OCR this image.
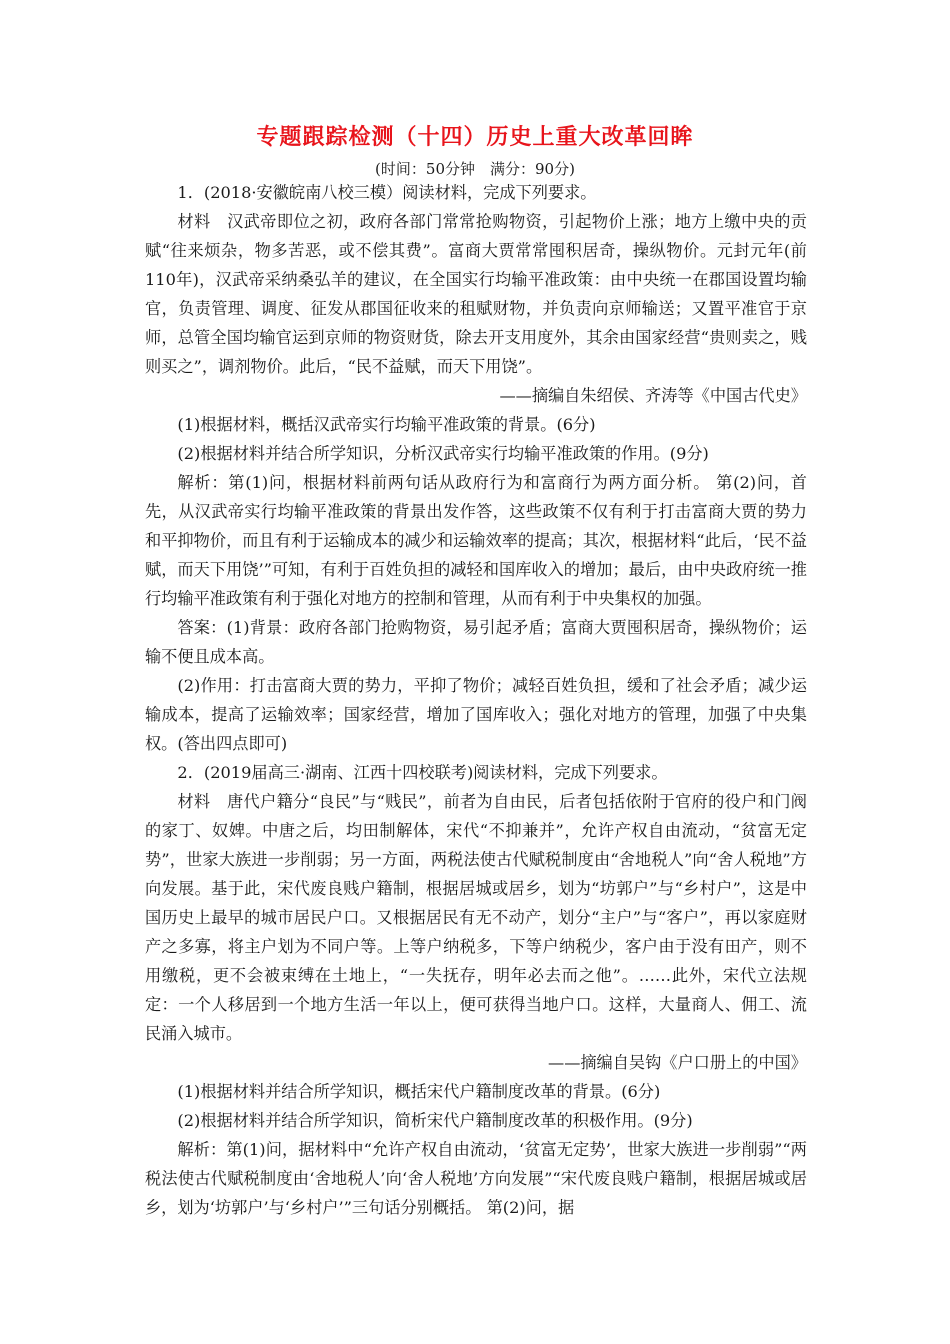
专题跟踪检测（十四）历史上重大改革回眸
(时间：50分钟　满分：90分)

1．(2018·安徽皖南八校三模）阅读材料，完成下列要求。

材料　汉武帝即位之初，政府各部门常常抢购物资，引起物价上涨；地方上缴中央的贡赋“往来烦杂，物多苦恶，或不偿其费”。富商大贾常常囤积居奇，操纵物价。元封元年(前110年)，汉武帝采纳桑弘羊的建议，在全国实行均输平准政策：由中央统一在郡国设置均输官，负责管理、调度、征发从郡国征收来的租赋财物，并负责向京师输送；又置平准官于京师，总管全国均输官运到京师的物资财货，除去开支用度外，其余由国家经营“贵则卖之，贱则买之”，调剂物价。此后，“民不益赋，而天下用饶”。

——摘编自朱绍侯、齐涛等《中国古代史》

(1)根据材料，概括汉武帝实行均输平准政策的背景。(6分)

(2)根据材料并结合所学知识，分析汉武帝实行均输平准政策的作用。(9分)

解析：第(1)问，根据材料前两句话从政府行为和富商行为两方面分析。 第(2)问，首先，从汉武帝实行均输平准政策的背景出发作答，这些政策不仅有利于打击富商大贾的势力和平抑物价，而且有利于运输成本的减少和运输效率的提高；其次，根据材料“此后，‘民不益赋，而天下用饶’”可知，有利于百姓负担的减轻和国库收入的增加；最后，由中央政府统一推行均输平准政策有利于强化对地方的控制和管理，从而有利于中央集权的加强。

答案：(1)背景：政府各部门抢购物资，易引起矛盾；富商大贾囤积居奇，操纵物价；运输不便且成本高。

(2)作用：打击富商大贾的势力，平抑了物价；减轻百姓负担，缓和了社会矛盾；减少运输成本，提高了运输效率；国家经营，增加了国库收入；强化对地方的管理，加强了中央集权。(答出四点即可)

2．(2019届高三·湖南、江西十四校联考)阅读材料，完成下列要求。

材料　唐代户籍分“良民”与“贱民”，前者为自由民，后者包括依附于官府的役户和门阀的家丁、奴婢。中唐之后，均田制解体，宋代“不抑兼并”，允许产权自由流动，“贫富无定势”，世家大族进一步削弱；另一方面，两税法使古代赋税制度由“舍地税人”向“舍人税地”方向发展。基于此，宋代废良贱户籍制，根据居城或居乡，划为“坊郭户”与“乡村户”，这是中国历史上最早的城市居民户口。又根据居民有无不动产，划分“主户”与“客户”，再以家庭财产之多寡，将主户划为不同户等。上等户纳税多，下等户纳税少，客户由于没有田产，则不用缴税，更不会被束缚在土地上，“一失抚存，明年必去而之他”。……此外，宋代立法规定：一个人移居到一个地方生活一年以上，便可获得当地户口。这样，大量商人、佣工、流民涌入城市。

——摘编自吴钩《户口册上的中国》

(1)根据材料并结合所学知识，概括宋代户籍制度改革的背景。(6分)

(2)根据材料并结合所学知识，简析宋代户籍制度改革的积极作用。(9分)

解析：第(1)问，据材料中“允许产权自由流动，‘贫富无定势’，世家大族进一步削弱”“两税法使古代赋税制度由‘舍地税人’向‘舍人税地’方向发展”“宋代废良贱户籍制，根据居城或居乡，划为‘坊郭户’与‘乡村户’”三句话分别概括。 第(2)问，据
